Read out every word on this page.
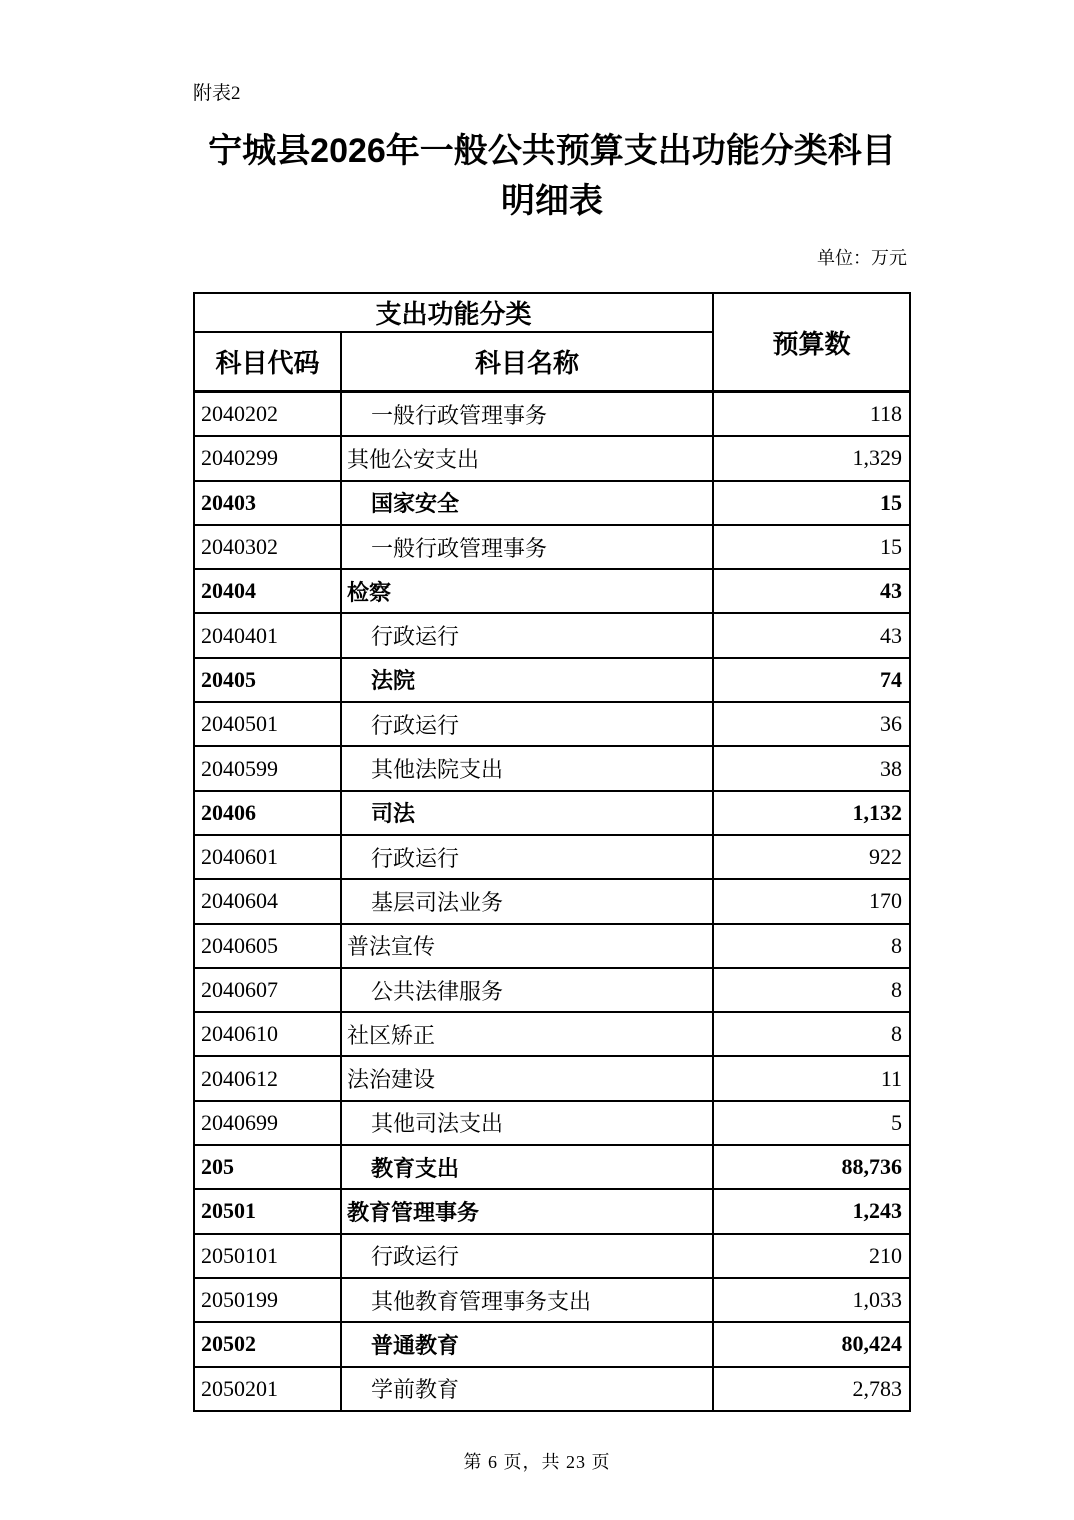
附表2
宁城县2026年一般公共预算支出功能分类科目
明细表
单位：万元
支出功能分类		预算数
科目代码	科目名称	
2040202	一般行政管理事务	118
2040299	其他公安支出	1,329
20403	国家安全	15
2040302	一般行政管理事务	15
20404	检察	43
2040401	行政运行	43
20405	法院	74
2040501	行政运行	36
2040599	其他法院支出	38
20406	司法	1,132
2040601	行政运行	922
2040604	基层司法业务	170
2040605	普法宣传	8
2040607	公共法律服务	8
2040610	社区矫正	8
2040612	法治建设	11
2040699	其他司法支出	5
205	教育支出	88,736
20501	教育管理事务	1,243
2050101	行政运行	210
2050199	其他教育管理事务支出	1,033
20502	普通教育	80,424
2050201	学前教育	2,783
第 6 页，共 23 页
